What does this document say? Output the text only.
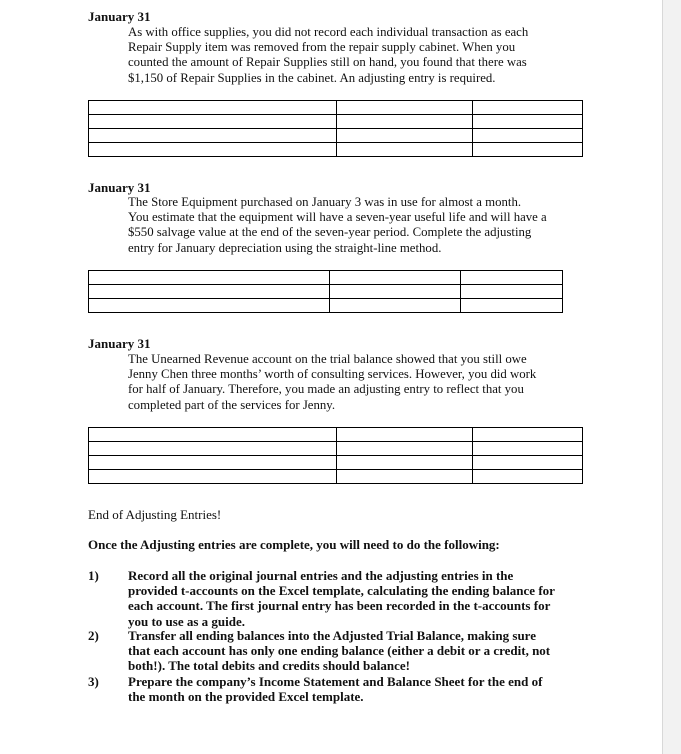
January 31
As with office supplies, you did not record each individual transaction as each
Repair Supply item was removed from the repair supply cabinet. When you
counted the amount of Repair Supplies still on hand, you found that there was
$1,150 of Repair Supplies in the cabinet. An adjusting entry is required.

January 31
The Store Equipment purchased on January 3 was in use for almost a month.
You estimate that the equipment will have a seven-year useful life and will have a
$550 salvage value at the end of the seven-year period. Complete the adjusting
entry for January depreciation using the straight-line method.

January 31
The Unearned Revenue account on the trial balance showed that you still owe
Jenny Chen three months’ worth of consulting services. However, you did work
for half of January. Therefore, you made an adjusting entry to reflect that you
completed part of the services for Jenny.

End of Adjusting Entries!
Once the Adjusting entries are complete, you will need to do the following:
1) Record all the original journal entries and the adjusting entries in the
provided t-accounts on the Excel template, calculating the ending balance for
each account. The first journal entry has been recorded in the t-accounts for
you to use as a guide.
2) Transfer all ending balances into the Adjusted Trial Balance, making sure
that each account has only one ending balance (either a debit or a credit, not
both!). The total debits and credits should balance!
3) Prepare the company’s Income Statement and Balance Sheet for the end of
the month on the provided Excel template.
